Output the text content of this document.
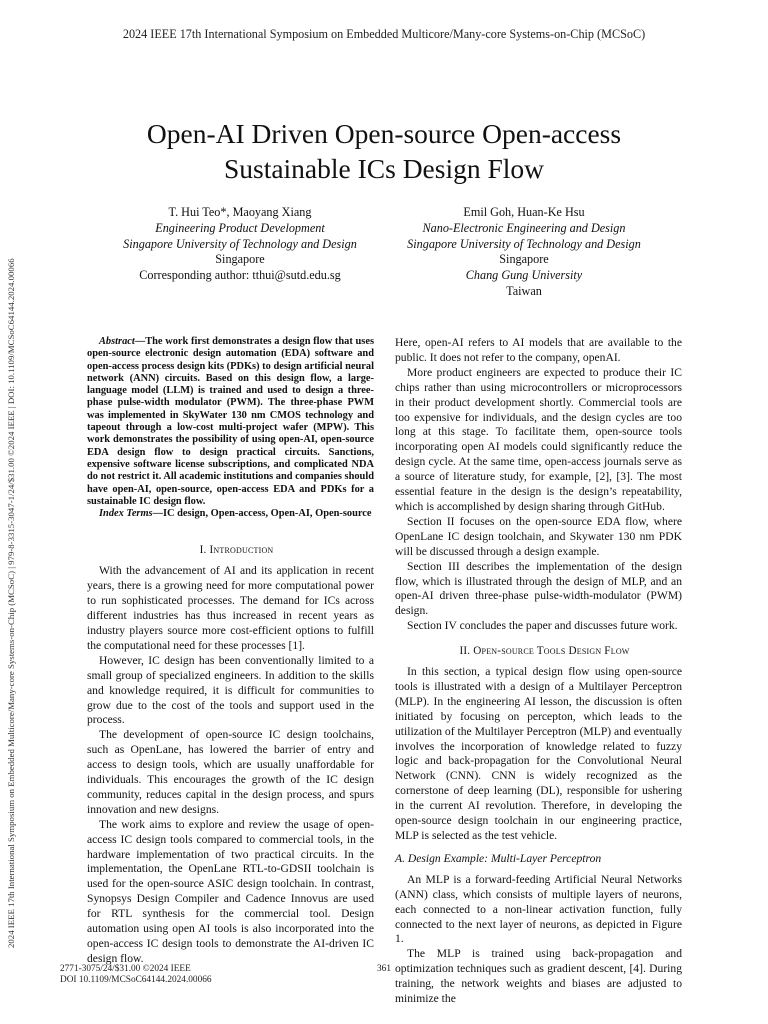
2024 IEEE 17th International Symposium on Embedded Multicore/Many-core Systems-on-Chip (MCSoC)
2024 IEEE 17th International Symposium on Embedded Multicore/Many-core Systems-on-Chip (MCSoC) | 979-8-3315-3047-1/24/$31.00 ©2024 IEEE | DOI: 10.1109/MCSoC64144.2024.00066
Open-AI Driven Open-source Open-access
Sustainable ICs Design Flow
T. Hui Teo*, Maoyang Xiang
Engineering Product Development
Singapore University of Technology and Design
Singapore
Corresponding author: tthui@sutd.edu.sg
Emil Goh, Huan-Ke Hsu
Nano-Electronic Engineering and Design
Singapore University of Technology and Design
Singapore
Chang Gung University
Taiwan

Abstract—The work first demonstrates a design flow that uses open-source electronic design automation (EDA) software and open-access process design kits (PDKs) to design artificial neural network (ANN) circuits. Based on this design flow, a large-language model (LLM) is trained and used to design a three-phase pulse-width modulator (PWM). The three-phase PWM was implemented in SkyWater 130 nm CMOS technology and tapeout through a low-cost multi-project wafer (MPW). This work demonstrates the possibility of using open-AI, open-source EDA design flow to design practical circuits. Sanctions, expensive software license subscriptions, and complicated NDA do not restrict it. All academic institutions and companies should have open-AI, open-source, open-access EDA and PDKs for a sustainable IC design flow.

Index Terms—IC design, Open-access, Open-AI, Open-source

I. Introduction

With the advancement of AI and its application in recent years, there is a growing need for more computational power to run sophisticated processes. The demand for ICs across different industries has thus increased in recent years as industry players source more cost-efficient options to fulfill the computational need for these processes [1].

However, IC design has been conventionally limited to a small group of specialized engineers. In addition to the skills and knowledge required, it is difficult for communities to grow due to the cost of the tools and support used in the process.

The development of open-source IC design toolchains, such as OpenLane, has lowered the barrier of entry and access to design tools, which are usually unaffordable for individuals. This encourages the growth of the IC design community, reduces capital in the design process, and spurs innovation and new designs.

The work aims to explore and review the usage of open-access IC design tools compared to commercial tools, in the hardware implementation of two practical circuits. In the implementation, the OpenLane RTL-to-GDSII toolchain is used for the open-source ASIC design toolchain. In contrast, Synopsys Design Compiler and Cadence Innovus are used for RTL synthesis for the commercial tool. Design automation using open AI tools is also incorporated into the open-access IC design tools to demonstrate the AI-driven IC design flow.

Here, open-AI refers to AI models that are available to the public. It does not refer to the company, openAI.

More product engineers are expected to produce their IC chips rather than using microcontrollers or microprocessors in their product development shortly. Commercial tools are too expensive for individuals, and the design cycles are too long at this stage. To facilitate them, open-source tools incorporating open AI models could significantly reduce the design cycle. At the same time, open-access journals serve as a source of literature study, for example, [2], [3]. The most essential feature in the design is the design’s repeatability, which is accomplished by design sharing through GitHub.

Section II focuses on the open-source EDA flow, where OpenLane IC design toolchain, and Skywater 130 nm PDK will be discussed through a design example.

Section III describes the implementation of the design flow, which is illustrated through the design of MLP, and an open-AI driven three-phase pulse-width-modulator (PWM) design.

Section IV concludes the paper and discusses future work.

II. Open-source Tools Design Flow

In this section, a typical design flow using open-source tools is illustrated with a design of a Multilayer Perceptron (MLP). In the engineering AI lesson, the discussion is often initiated by focusing on percepton, which leads to the utilization of the Multilayer Perceptron (MLP) and eventually involves the incorporation of knowledge related to fuzzy logic and back-propagation for the Convolutional Neural Network (CNN). CNN is widely recognized as the cornerstone of deep learning (DL), responsible for ushering in the current AI revolution. Therefore, in developing the open-source design toolchain in our engineering practice, MLP is selected as the test vehicle.

A. Design Example: Multi-Layer Perceptron

An MLP is a forward-feeding Artificial Neural Networks (ANN) class, which consists of multiple layers of neurons, each connected to a non-linear activation function, fully connected to the next layer of neurons, as depicted in Figure 1.

The MLP is trained using back-propagation and optimization techniques such as gradient descent, [4]. During training, the network weights and biases are adjusted to minimize the

2771-3075/24/$31.00 ©2024 IEEE
DOI 10.1109/MCSoC64144.2024.00066
361
